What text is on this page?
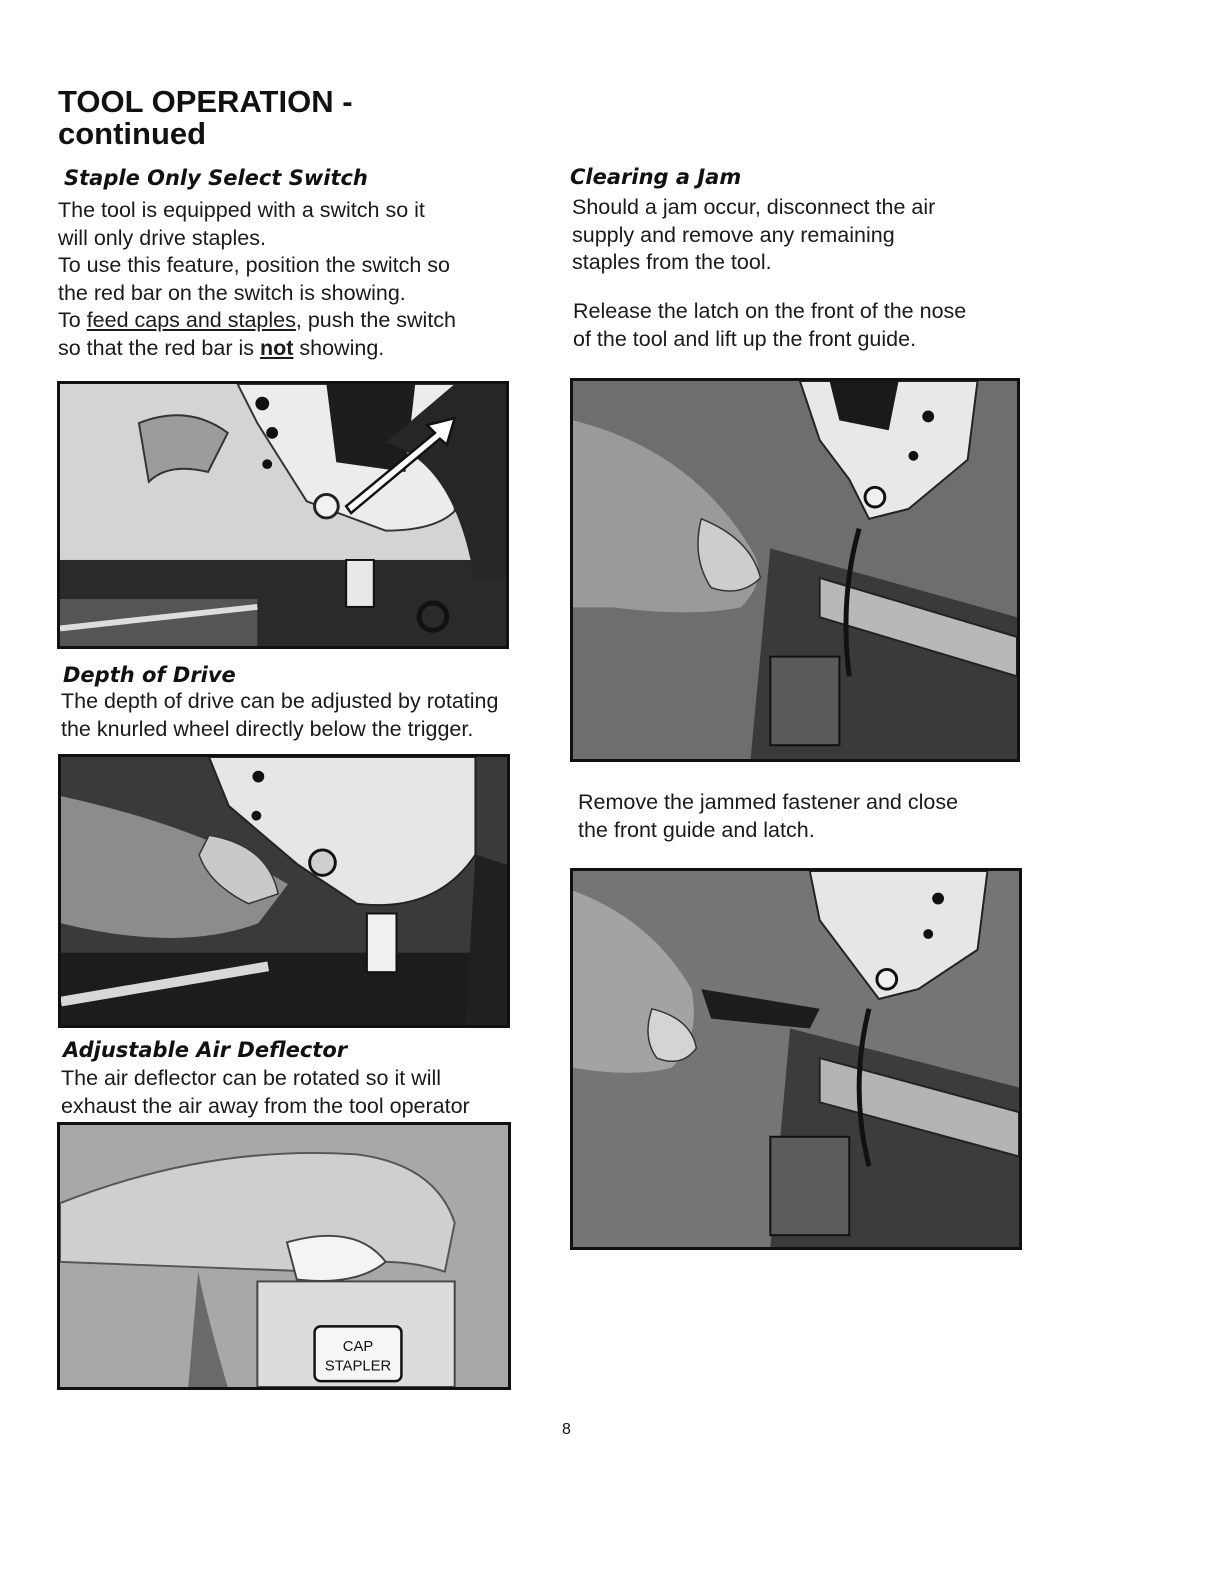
TOOL OPERATION -
continued
Staple Only Select Switch

The tool is equipped with a switch so it

will only drive staples.

To use this feature, position the switch so

the red bar on the switch is showing.

To feed caps and staples, push the switch

so that the red bar is not showing.

Depth of Drive

The depth of drive can be adjusted by rotating

the knurled wheel directly below the trigger.

Adjustable Air Deflector

The air deflector can be rotated so it will

exhaust the air away from the tool operator

CAP
STAPLER
Clearing a Jam

Should a jam occur, disconnect the air

supply and remove any remaining

staples from the tool.

Release the latch on the front of the nose

of the tool and lift up the front guide.

Remove the jammed fastener and close

the front guide and latch.

8
